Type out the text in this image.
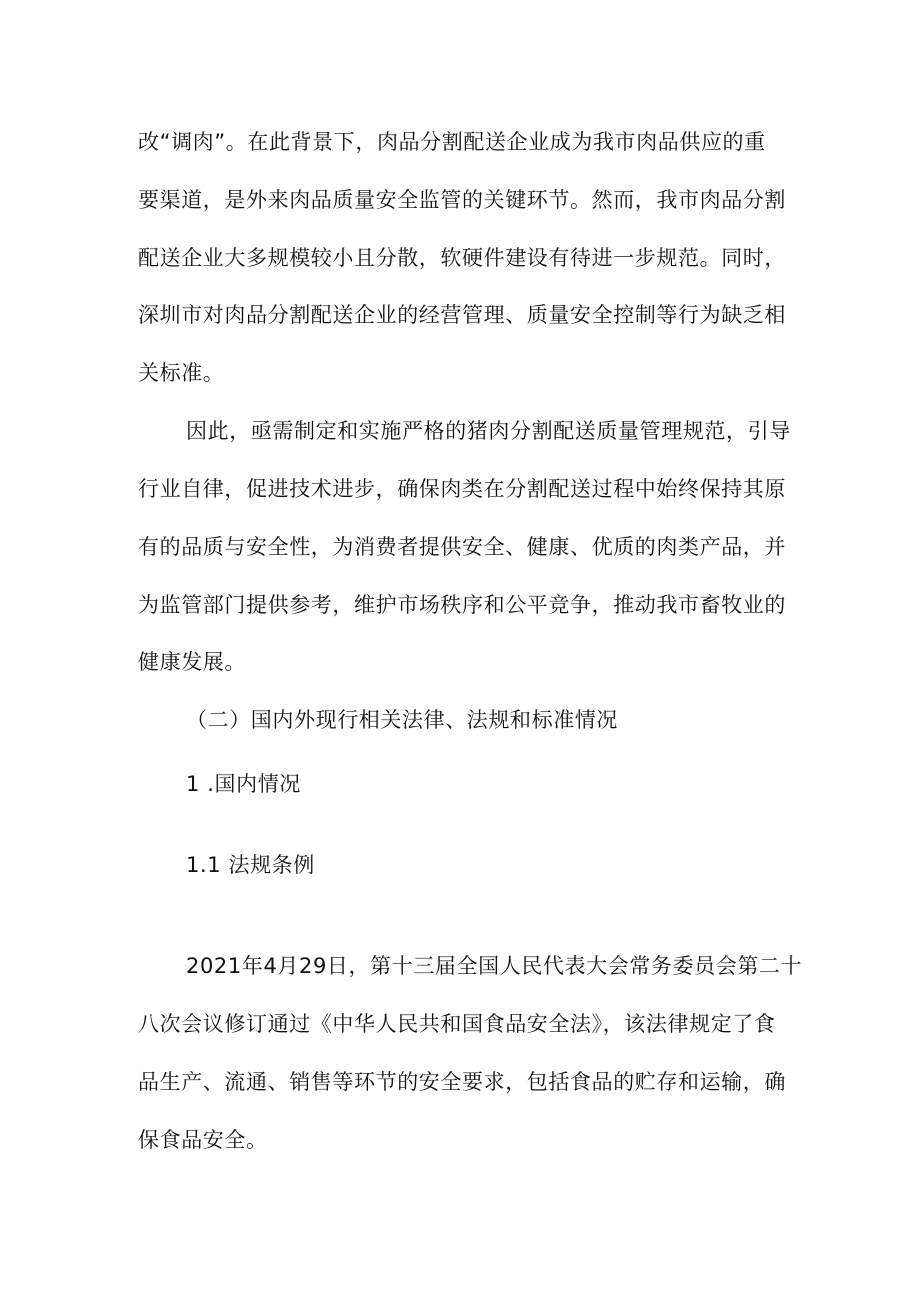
改“调肉”。在此背景下，肉品分割配送企业成为我市肉品供应的重
要渠道，是外来肉品质量安全监管的关键环节。然而，我市肉品分割
配送企业大多规模较小且分散，软硬件建设有待进一步规范。同时，
深圳市对肉品分割配送企业的经营管理、质量安全控制等行为缺乏相
关标准。
因此，亟需制定和实施严格的猪肉分割配送质量管理规范，引导
行业自律，促进技术进步，确保肉类在分割配送过程中始终保持其原
有的品质与安全性，为消费者提供安全、健康、优质的肉类产品，并
为监管部门提供参考，维护市场秩序和公平竞争，推动我市畜牧业的
健康发展。
（二）国内外现行相关法律、法规和标准情况
1 .国内情况
1.1 法规条例
2021年4月29日，第十三届全国人民代表大会常务委员会第二十
八次会议修订通过《中华人民共和国食品安全法》，该法律规定了食
品生产、流通、销售等环节的安全要求，包括食品的贮存和运输，确
保食品安全。
